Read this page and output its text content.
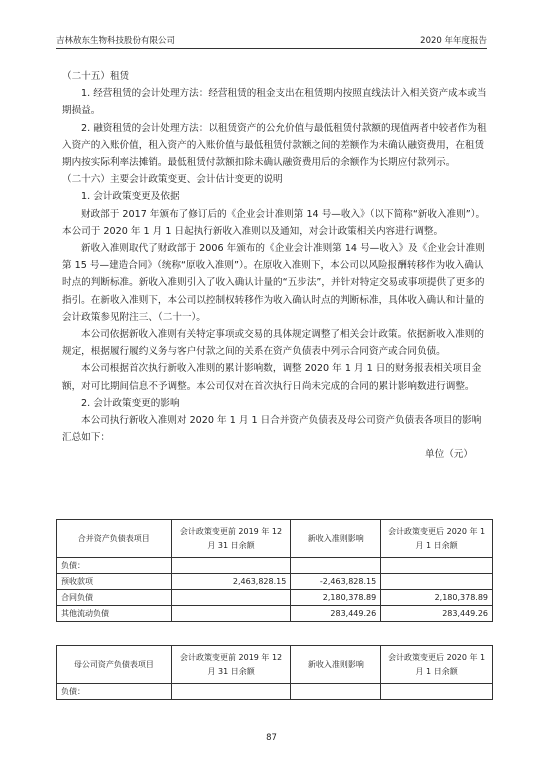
吉林敖东生物科技股份有限公司	2020 年年度报告

（二十五）租赁

1. 经营租赁的会计处理方法：经营租赁的租金支出在租赁期内按照直线法计入相关资产成本或当期损益。

2. 融资租赁的会计处理方法：以租赁资产的公允价值与最低租赁付款额的现值两者中较者作为租入资产的入账价值，租入资产的入账价值与最低租赁付款额之间的差额作为未确认融资费用，在租赁期内按实际利率法摊销。最低租赁付款额扣除未确认融资费用后的余额作为长期应付款列示。

（二十六）主要会计政策变更、会计估计变更的说明

1. 会计政策变更及依据

财政部于 2017 年颁布了修订后的《企业会计准则第 14 号—收入》（以下简称“新收入准则”）。本公司于 2020 年 1 月 1 日起执行新收入准则以及通知，对会计政策相关内容进行调整。

新收入准则取代了财政部于 2006 年颁布的《企业会计准则第 14 号—收入》及《企业会计准则第 15 号—建造合同》（统称“原收入准则”）。在原收入准则下，本公司以风险报酬转移作为收入确认时点的判断标准。新收入准则引入了收入确认计量的“五步法”，并针对特定交易或事项提供了更多的指引。在新收入准则下，本公司以控制权转移作为收入确认时点的判断标准，具体收入确认和计量的会计政策参见附注三、（二十一）。

本公司依据新收入准则有关特定事项或交易的具体规定调整了相关会计政策。依据新收入准则的规定，根据履行履约义务与客户付款之间的关系在资产负债表中列示合同资产或合同负债。

本公司根据首次执行新收入准则的累计影响数，调整 2020 年 1 月 1 日的财务报表相关项目金额，对可比期间信息不予调整。本公司仅对在首次执行日尚未完成的合同的累计影响数进行调整。

2. 会计政策变更的影响

本公司执行新收入准则对 2020 年 1 月 1 日合并资产负债表及母公司资产负债表各项目的影响汇总如下：

单位（元）

合并资产负债表项目	会计政策变更前 2019 年 12 月 31 日余额	新收入准则影响	会计政策变更后 2020 年 1 月 1 日余额
负债：			
预收款项	2,463,828.15	-2,463,828.15	
合同负债		2,180,378.89	2,180,378.89
其他流动负债		283,449.26	283,449.26
母公司资产负债表项目	会计政策变更前 2019 年 12 月 31 日余额	新收入准则影响	会计政策变更后 2020 年 1 月 1 日余额
负债：			
87
